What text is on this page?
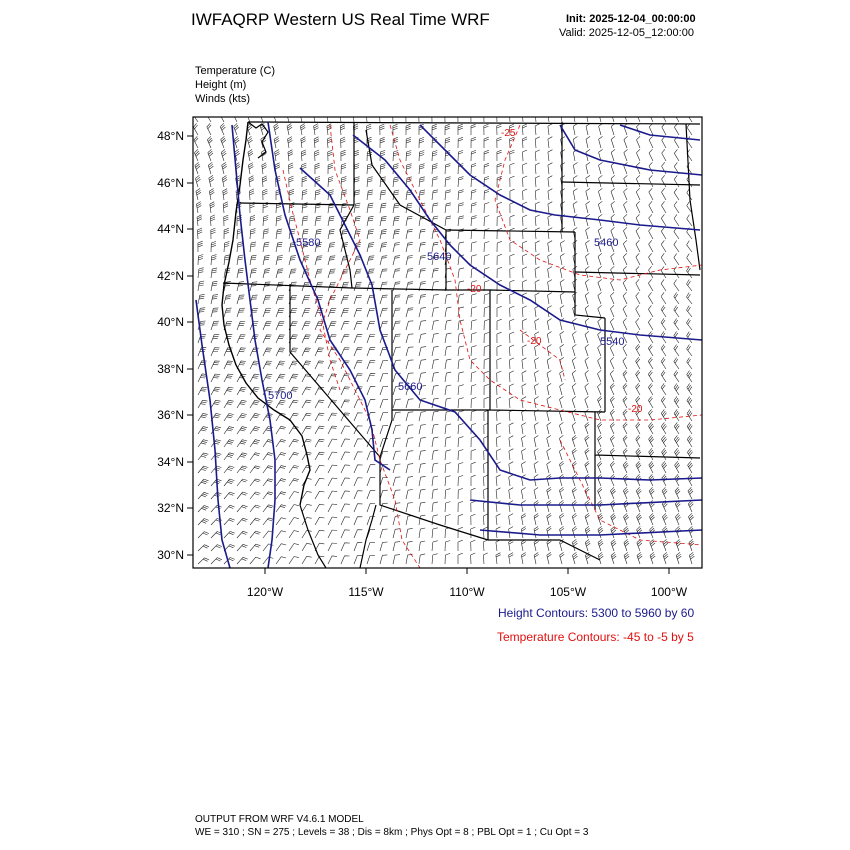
IWFAQRP Western US Real Time WRF	Init: 2025-12-04_00:00:00
Valid: 2025-12-05_12:00:00
Temperature (C)
Height (m)
Winds (kts)
5580
5640
5460
5540
5660
5700
-25
-20
-20
-20
48°N
46°N
44°N
42°N
40°N
38°N
36°N
34°N
32°N
30°N
120°W	115°W	110°W	105°W	100°W
Height Contours: 5300 to 5960 by 60
Temperature Contours: -45 to -5 by 5
OUTPUT FROM WRF V4.6.1 MODEL
WE = 310 ; SN = 275 ; Levels = 38 ; Dis = 8km ; Phys Opt = 8 ; PBL Opt = 1 ; Cu Opt = 3
